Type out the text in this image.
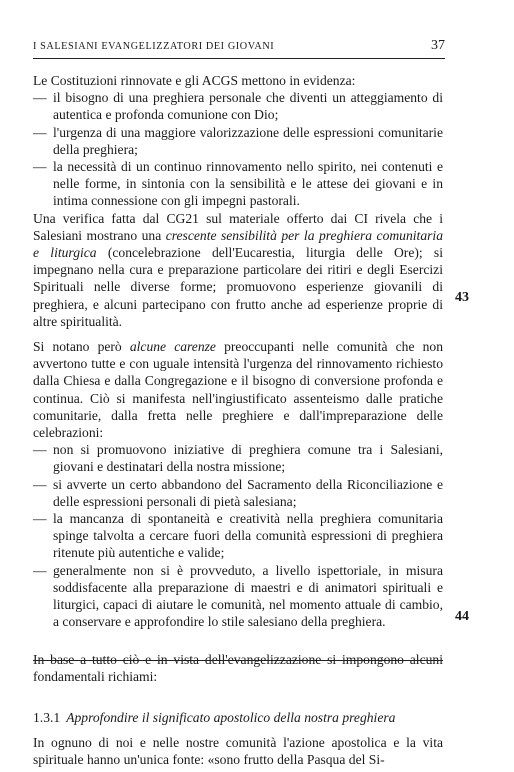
I SALESIANI EVANGELIZZATORI DEI GIOVANI	37
43
44

Le Costituzioni rinnovate e gli ACGS mettono in evidenza:

— il bisogno di una preghiera personale che diventi un atteggiamento di autentica e profonda comunione con Dio;

— l'urgenza di una maggiore valorizzazione delle espressioni comunitarie della preghiera;

— la necessità di un continuo rinnovamento nello spirito, nei contenuti e nelle forme, in sintonia con la sensibilità e le attese dei giovani e in intima connessione con gli impegni pastorali.

Una verifica fatta dal CG21 sul materiale offerto dai CI rivela che i Salesiani mostrano una crescente sensibilità per la preghiera comunitaria e liturgica (concelebrazione dell'Eucarestia, liturgia delle Ore); si impegnano nella cura e preparazione particolare dei ritiri e degli Esercizi Spirituali nelle diverse forme; promuovono esperienze giovanili di preghiera, e alcuni partecipano con frutto anche ad esperienze proprie di altre spiritualità.

Si notano però alcune carenze preoccupanti nelle comunità che non avvertono tutte e con uguale intensità l'urgenza del rinnovamento richiesto dalla Chiesa e dalla Congregazione e il bisogno di conversione profonda e continua. Ciò si manifesta nell'ingiustificato assenteismo dalle pratiche comunitarie, dalla fretta nelle preghiere e dall'impreparazione delle celebrazioni:

— non si promuovono iniziative di preghiera comune tra i Salesiani, giovani e destinatari della nostra missione;

— si avverte un certo abbandono del Sacramento della Riconciliazione e delle espressioni personali di pietà salesiana;

— la mancanza di spontaneità e creatività nella preghiera comunitaria spinge talvolta a cercare fuori della comunità espressioni di preghiera ritenute più autentiche e valide;

— generalmente non si è provveduto, a livello ispettoriale, in misura soddisfacente alla preparazione di maestri e di animatori spirituali e liturgici, capaci di aiutare le comunità, nel momento attuale di cambio, a conservare e approfondire lo stile salesiano della preghiera.

In base a tutto ciò e in vista dell'evangelizzazione si impongono alcuni fondamentali richiami:

1.3.1 Approfondire il significato apostolico della nostra preghiera

In ognuno di noi e nelle nostre comunità l'azione apostolica e la vita spirituale hanno un'unica fonte: «sono frutto della Pasqua del Si-
